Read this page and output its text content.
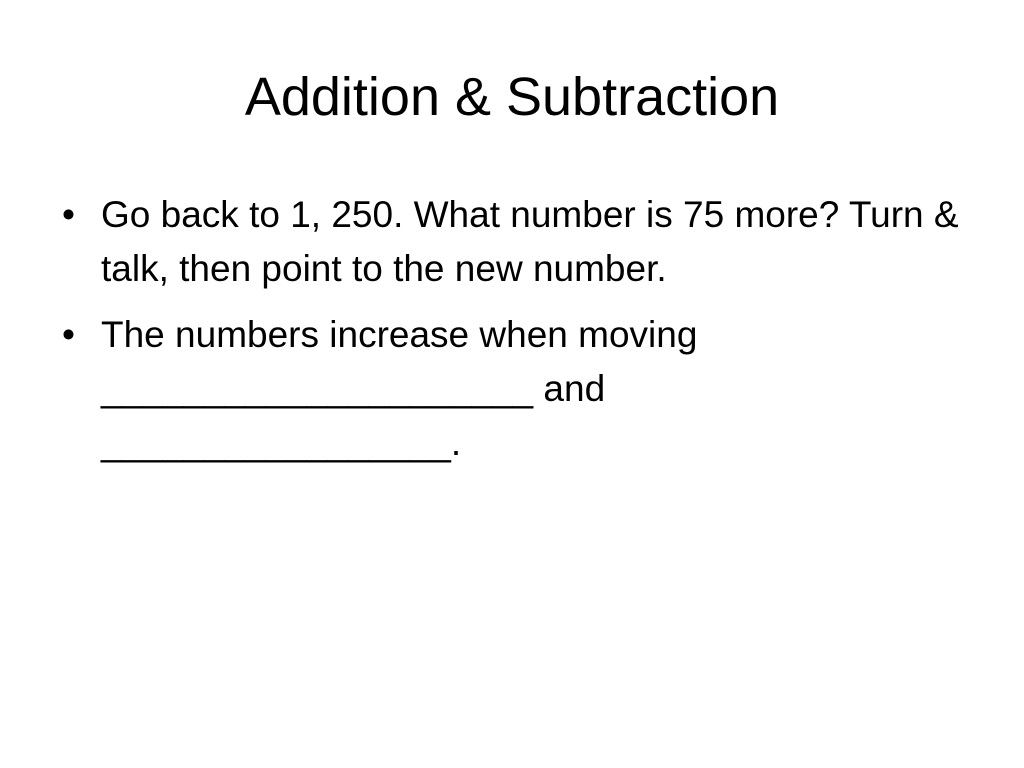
Addition & Subtraction
• Go back to 1, 250. What number is 75 more? Turn & talk, then point to the new number.
• The numbers increase when moving
_____________________ and
_________________.
